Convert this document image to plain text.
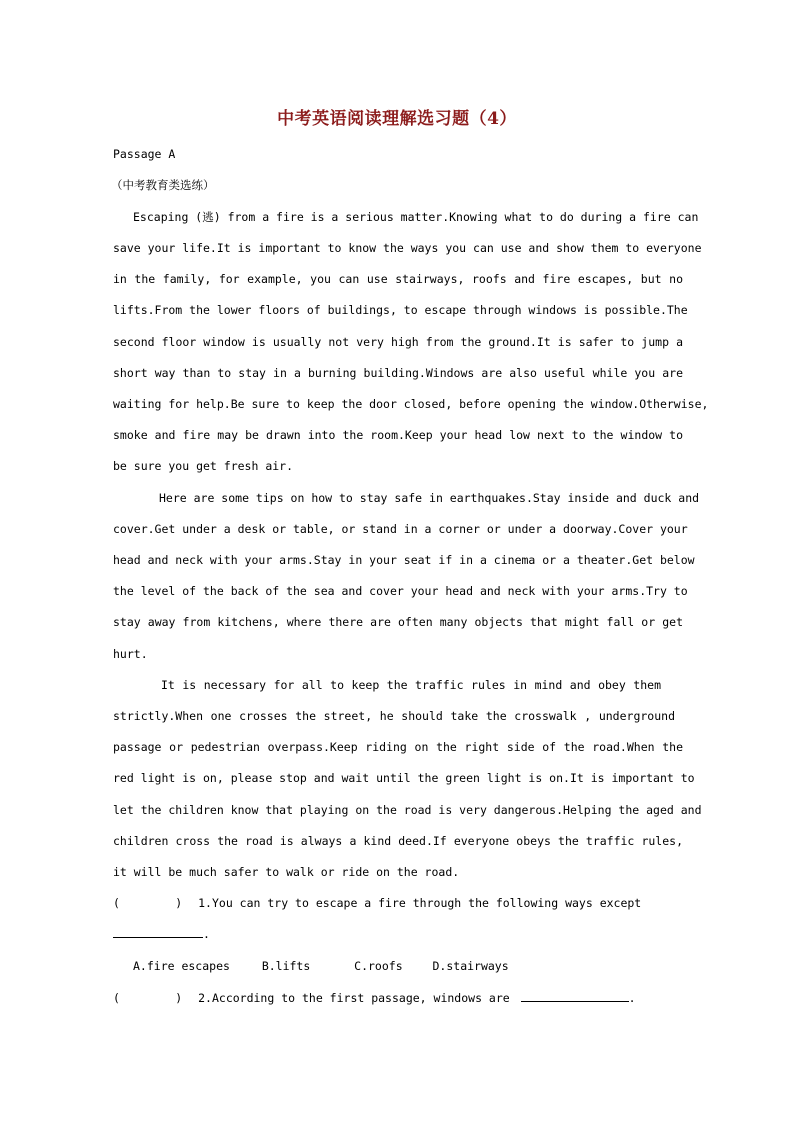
中考英语阅读理解选习题（4）
Passage A
（中考教育类选练）
Escaping (逃) from a fire is a serious matter.Knowing what to do during a fire can
save your life.It is important to know the ways you can use and show them to everyone
in the family, for example, you can use stairways, roofs and fire escapes, but no
lifts.From the lower floors of buildings, to escape through windows is possible.The
second floor window is usually not very high from the ground.It is safer to jump a
short way than to stay in a burning building.Windows are also useful while you are
waiting for help.Be sure to keep the door closed, before opening the window.Otherwise,
smoke and fire may be drawn into the room.Keep your head low next to the window to
be sure you get fresh air.
Here are some tips on how to stay safe in earthquakes.Stay inside and duck and
cover.Get under a desk or table, or stand in a corner or under a doorway.Cover your
head and neck with your arms.Stay in your seat if in a cinema or a theater.Get below
the level of the back of the sea and cover your head and neck with your arms.Try to
stay away from kitchens, where there are often many objects that might fall or get
hurt.
It is necessary for all to keep the traffic rules in mind and obey them
strictly.When one crosses the street, he should take the crosswalk , underground
passage or pedestrian overpass.Keep riding on the right side of the road.When the
red light is on, please stop and wait until the green light is on.It is important to
let the children know that playing on the road is very dangerous.Helping the aged and
children cross the road is always a kind deed.If everyone obeys the traffic rules,
it will be much safer to walk or ride on the road.
(        ) 1.You can try to escape a fire through the following ways except
.
A.fire escapes	B.lifts	C.roofs	D.stairways
(        ) 2.According to the first passage, windows are	.
